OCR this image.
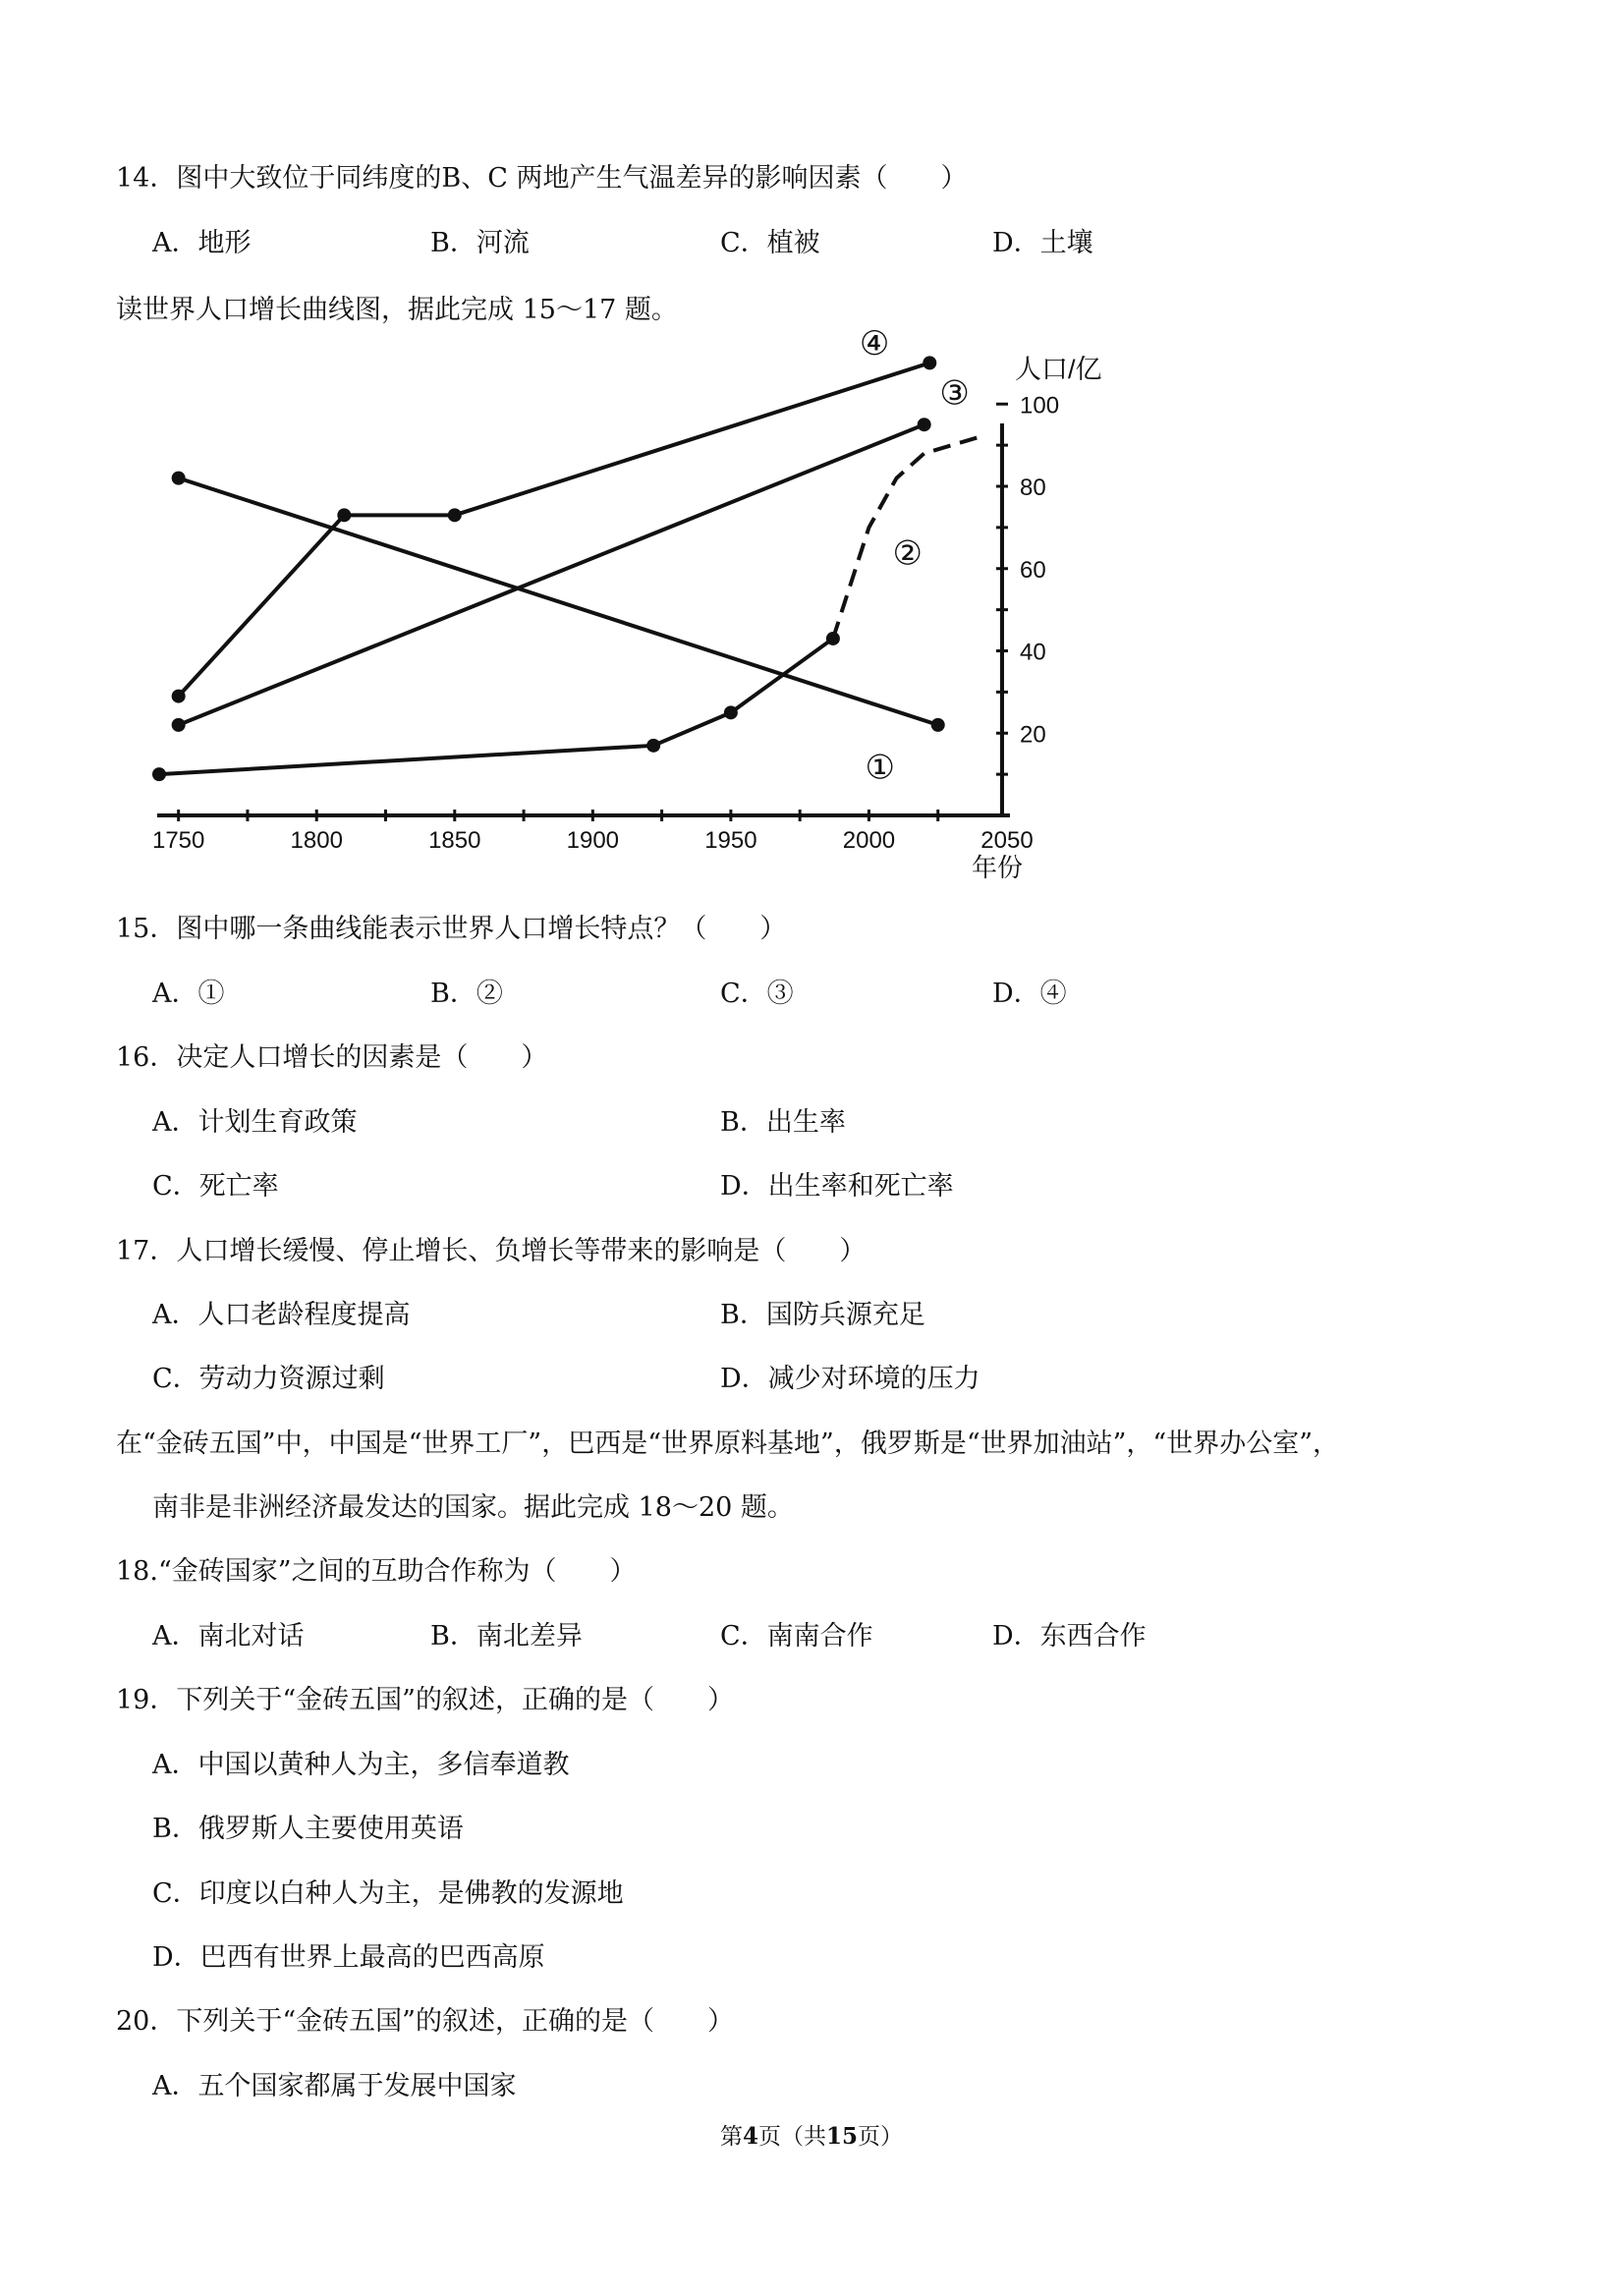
14．图中大致位于同纬度的B、C 两地产生气温差异的影响因素（　　）
A．地形	B．河流	C．植被	D．土壤
读世界人口增长曲线图，据此完成 15～17 题。
1750	1800	1850	1900	1950	2000	2050
20
40
60
80
100
人口/亿
年份
①
②
③
④
15．图中哪一条曲线能表示世界人口增长特点？（　　）
A．①	B．②	C．③	D．④
16．决定人口增长的因素是（　　）
A．计划生育政策	B．出生率
C．死亡率	D．出生率和死亡率
17．人口增长缓慢、停止增长、负增长等带来的影响是（　　）
A．人口老龄程度提高	B．国防兵源充足
C．劳动力资源过剩	D．减少对环境的压力
在“金砖五国”中，中国是“世界工厂”，巴西是“世界原料基地”，俄罗斯是“世界加油站”，“世界办公室”，
南非是非洲经济最发达的国家。据此完成 18～20 题。
18.“金砖国家”之间的互助合作称为（　　）
A．南北对话	B．南北差异	C．南南合作	D．东西合作
19．下列关于“金砖五国”的叙述，正确的是（　　）
A．中国以黄种人为主，多信奉道教
B．俄罗斯人主要使用英语
C．印度以白种人为主，是佛教的发源地
D．巴西有世界上最高的巴西高原
20．下列关于“金砖五国”的叙述，正确的是（　　）
A．五个国家都属于发展中国家
第4页（共15页）
